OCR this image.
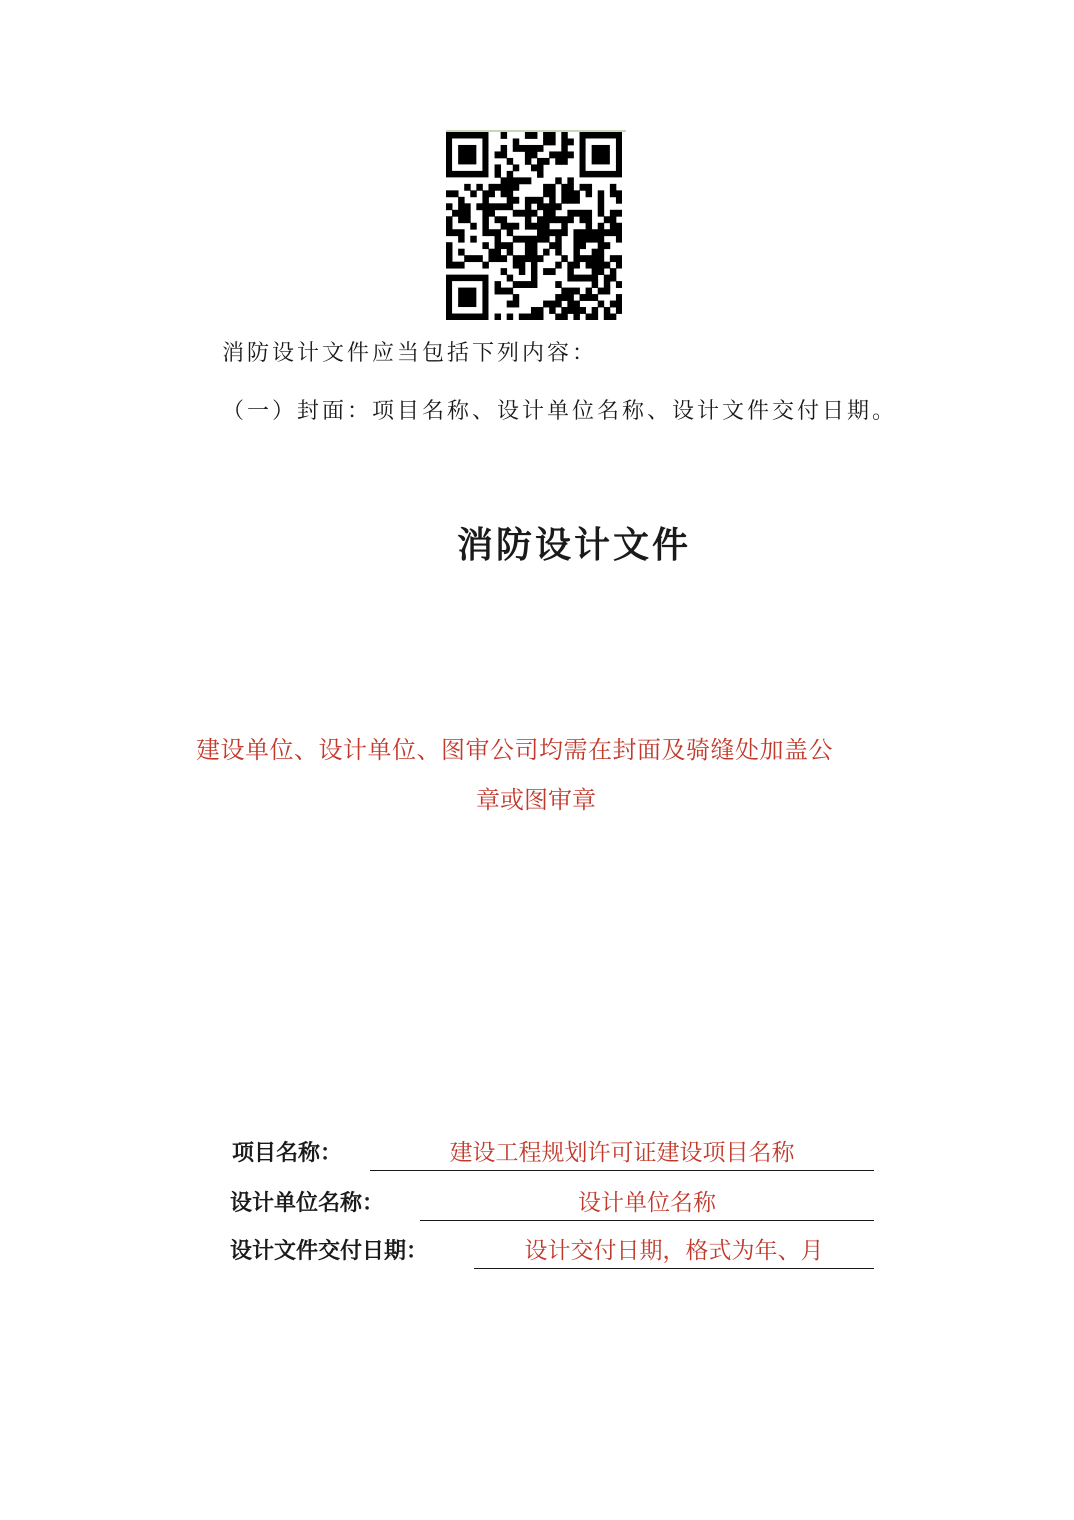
消防设计文件应当包括下列内容：
（一）封面：项目名称、设计单位名称、设计文件交付日期。
消防设计文件
建设单位、设计单位、图审公司均需在封面及骑缝处加盖公
章或图审章
项目名称：	建设工程规划许可证建设项目名称
设计单位名称：	设计单位名称
设计文件交付日期：	设计交付日期，格式为年、月
